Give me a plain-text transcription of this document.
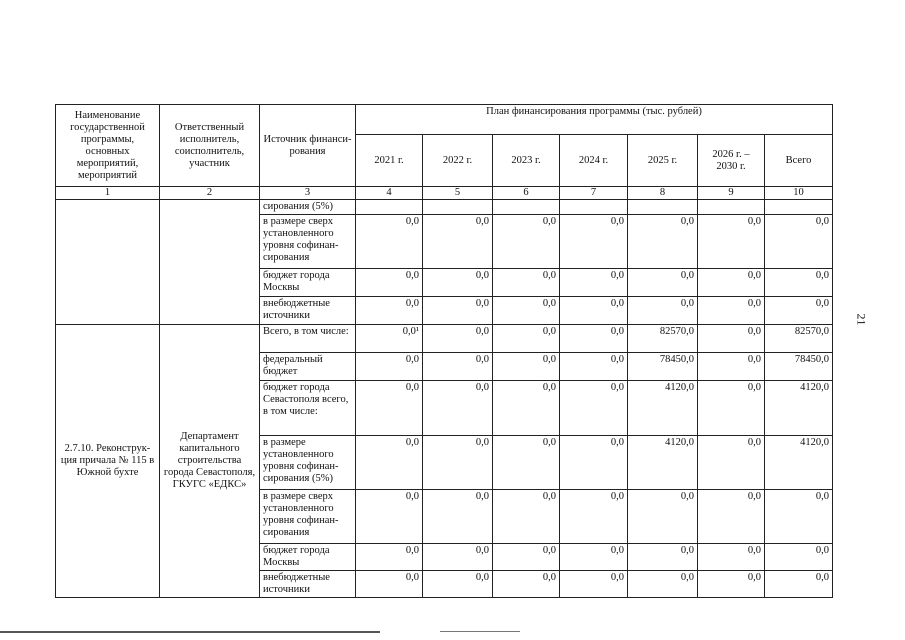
Наименование государственной программы, основных мероприятий, мероприятий	Ответственный исполнитель, соисполнитель, участник	Источник финанси-рования	План финансирования программы (тыс. рублей)						
			2021 г.	2022 г.	2023 г.	2024 г.	2025 г.	2026 г. – 2030 г.	Всего
1	2	3	4	5	6	7	8	9	10
		сирования (5%)							
		в размере сверх установленного уровня софинан-сирования	0,0	0,0	0,0	0,0	0,0	0,0	0,0
		бюджет города Москвы	0,0	0,0	0,0	0,0	0,0	0,0	0,0
		внебюджетные источники	0,0	0,0	0,0	0,0	0,0	0,0	0,0
2.7.10. Реконструк-ция причала № 115 в Южной бухте	Департамент капитального строительства города Севастополя, ГКУГС «ЕДКС»	Всего, в том числе:	0,0¹	0,0	0,0	0,0	82570,0	0,0	82570,0
		федеральный бюджет	0,0	0,0	0,0	0,0	78450,0	0,0	78450,0
		бюджет города Севастополя всего, в том числе:	0,0	0,0	0,0	0,0	4120,0	0,0	4120,0
		в размере установленного уровня софинан-сирования (5%)	0,0	0,0	0,0	0,0	4120,0	0,0	4120,0
		в размере сверх установленного уровня софинан-сирования	0,0	0,0	0,0	0,0	0,0	0,0	0,0
		бюджет города Москвы	0,0	0,0	0,0	0,0	0,0	0,0	0,0
		внебюджетные источники	0,0	0,0	0,0	0,0	0,0	0,0	0,0
21
